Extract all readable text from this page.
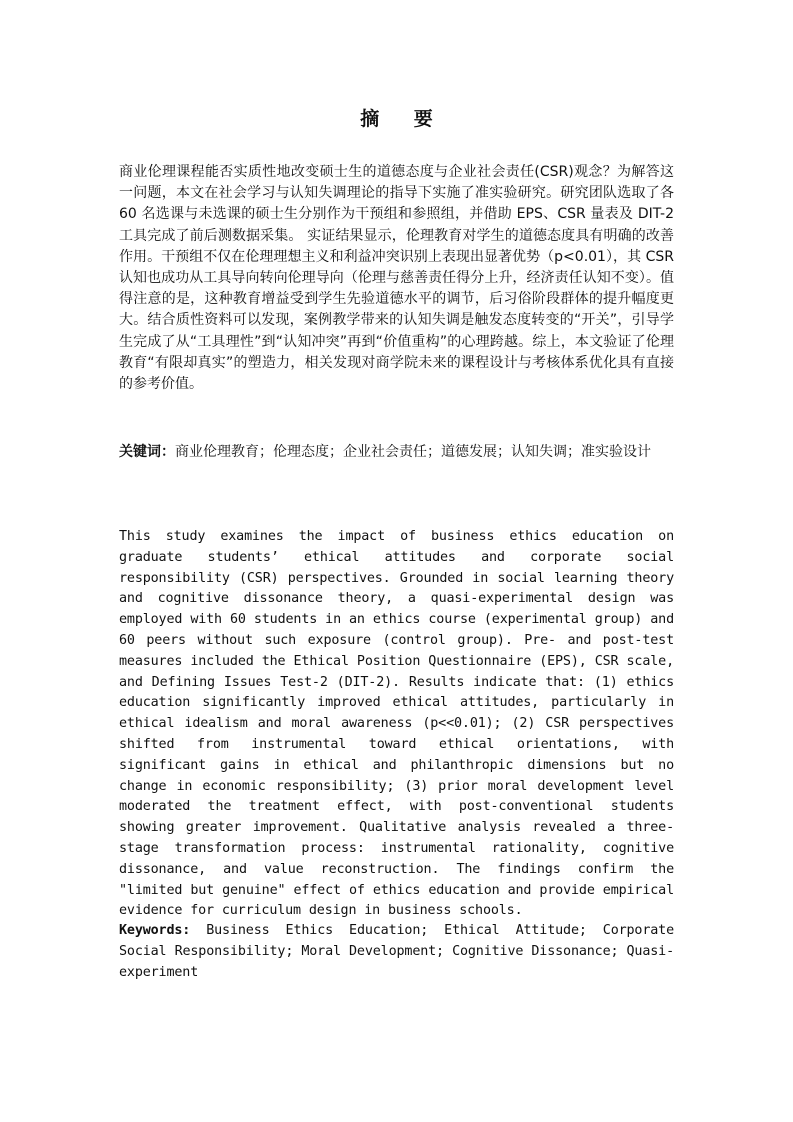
摘 要

商业伦理课程能否实质性地改变硕士生的道德态度与企业社会责任(CSR)观念？为解答这一问题，本文在社会学习与认知失调理论的指导下实施了准实验研究。研究团队选取了各 60 名选课与未选课的硕士生分别作为干预组和参照组，并借助 EPS、CSR 量表及 DIT-2 工具完成了前后测数据采集。 实证结果显示，伦理教育对学生的道德态度具有明确的改善作用。干预组不仅在伦理理想主义和利益冲突识别上表现出显著优势（p<0.01），其 CSR 认知也成功从工具导向转向伦理导向（伦理与慈善责任得分上升，经济责任认知不变）。值得注意的是，这种教育增益受到学生先验道德水平的调节，后习俗阶段群体的提升幅度更大。结合质性资料可以发现，案例教学带来的认知失调是触发态度转变的“开关”，引导学生完成了从“工具理性”到“认知冲突”再到“价值重构”的心理跨越。综上，本文验证了伦理教育“有限却真实”的塑造力，相关发现对商学院未来的课程设计与考核体系优化具有直接的参考价值。

关键词：商业伦理教育；伦理态度；企业社会责任；道德发展；认知失调；准实验设计

This study examines the impact of business ethics education on graduate students’ ethical attitudes and corporate social responsibility (CSR) perspectives. Grounded in social learning theory and cognitive dissonance theory, a quasi-experimental design was employed with 60 students in an ethics course (experimental group) and 60 peers without such exposure (control group). Pre- and post-test measures included the Ethical Position Questionnaire (EPS), CSR scale, and Defining Issues Test-2 (DIT-2). Results indicate that: (1) ethics education significantly improved ethical attitudes, particularly in ethical idealism and moral awareness (p<<0.01); (2) CSR perspectives shifted from instrumental toward ethical orientations, with significant gains in ethical and philanthropic dimensions but no change in economic responsibility; (3) prior moral development level moderated the treatment effect, with post-conventional students showing greater improvement. Qualitative analysis revealed a three-stage transformation process: instrumental rationality, cognitive dissonance, and value reconstruction. The findings confirm the "limited but genuine" effect of ethics education and provide empirical evidence for curriculum design in business schools.

Keywords: Business Ethics Education; Ethical Attitude; Corporate Social Responsibility; Moral Development; Cognitive Dissonance; Quasi-experiment
